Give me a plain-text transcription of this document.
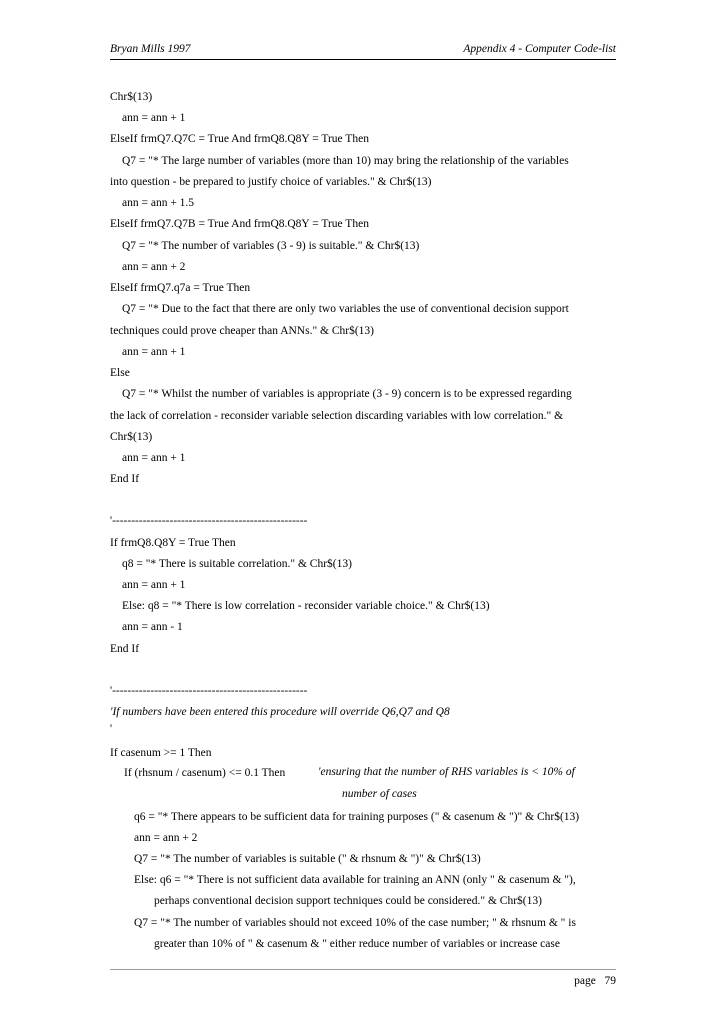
Bryan Mills 1997	Appendix 4 - Computer Code-list
Chr$(13)
ann = ann + 1
ElseIf frmQ7.Q7C = True And frmQ8.Q8Y = True Then
Q7 = "* The large number of variables (more than 10) may bring the relationship of the variables
into question - be prepared to justify choice of variables." & Chr$(13)
ann = ann + 1.5
ElseIf frmQ7.Q7B = True And frmQ8.Q8Y = True Then
Q7 = "* The number of variables (3 - 9) is suitable." & Chr$(13)
ann = ann + 2
ElseIf frmQ7.q7a = True Then
Q7 = "* Due to the fact that there are only two variables the use of conventional decision support
techniques could prove cheaper than ANNs." & Chr$(13)
ann = ann + 1
Else
Q7 = "* Whilst the number of variables is appropriate (3 - 9) concern is to be expressed regarding
the lack of correlation - reconsider variable selection discarding variables with low correlation." &
Chr$(13)
ann = ann + 1
End If
'---------------------------------------------------
If frmQ8.Q8Y = True Then
q8 = "* There is suitable correlation." & Chr$(13)
ann = ann + 1
Else: q8 = "* There is low correlation - reconsider variable choice." & Chr$(13)
ann = ann - 1
End If
'---------------------------------------------------
'If numbers have been entered this procedure will override Q6,Q7 and Q8
'
If casenum >= 1 Then
If (rhsnum / casenum) <= 0.1 Then	'ensuring that the number of RHS variables is < 10% of
number of cases
q6 = "* There appears to be sufficient data for training purposes (" & casenum & ")" & Chr$(13)
ann = ann + 2
Q7 = "* The number of variables is suitable (" & rhsnum & ")" & Chr$(13)
Else: q6 = "* There is not sufficient data available for training an ANN (only " & casenum & "),
perhaps conventional decision support techniques could be considered." & Chr$(13)
Q7 = "* The number of variables should not exceed 10% of the case number; " & rhsnum & " is
greater than 10% of " & casenum & " either reduce number of variables or increase case
page 79
